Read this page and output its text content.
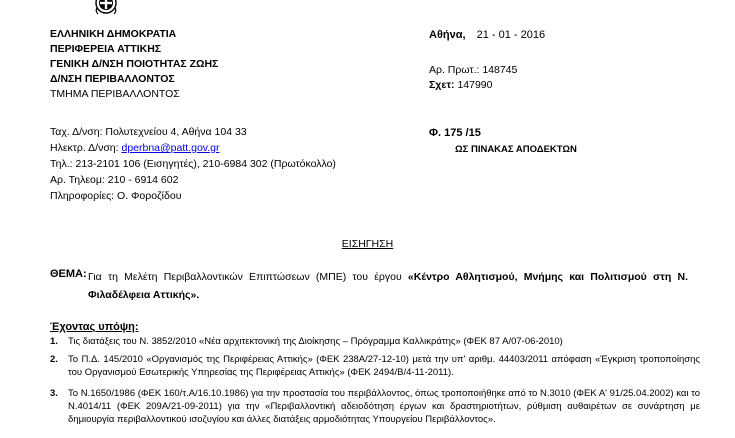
ΕΛΛΗΝΙΚΗ ΔΗΜΟΚΡΑΤΙΑ
ΠΕΡΙΦΕΡΕΙΑ ΑΤΤΙΚΗΣ
ΓΕΝΙΚΗ Δ/ΝΣΗ ΠΟΙΟΤΗΤΑΣ ΖΩΗΣ
Δ/ΝΣΗ ΠΕΡΙΒΑΛΛΟΝΤΟΣ
ΤΜΗΜΑ ΠΕΡΙΒΑΛΛΟΝΤΟΣ
Αθήνα, 21 - 01 - 2016
Αρ. Πρωτ.: 148745
Σχετ: 147990
Ταχ. Δ/νση: Πολυτεχνείου 4, Αθήνα 104 33
Ηλεκτρ. Δ/νση: dperbna@patt.gov.gr
Τηλ.: 213-2101 106 (Εισηγητές), 210-6984 302 (Πρωτόκολλο)
Αρ. Τηλεομ: 210 - 6914 602
Πληροφορίες: Ο. Φοροζίδου
Φ. 175 /15
ΩΣ ΠΙΝΑΚΑΣ ΑΠΟΔΕΚΤΩΝ
ΕΙΣΗΓΗΣΗ
ΘΕΜΑ: Για τη Μελέτη Περιβαλλοντικών Επιπτώσεων (ΜΠΕ) του έργου «Κέντρο Αθλητισμού, Μνήμης και Πολιτισμού στη Ν. Φιλαδέλφεια Αττικής».
Έχοντας υπόψη:
1. Τις διατάξεις του Ν. 3852/2010 «Νέα αρχιτεκτονική της Διοίκησης – Πρόγραμμα Καλλικράτης» (ΦΕΚ 87 Α/07-06-2010)
2. Το Π.Δ. 145/2010 «Οργανισμός της Περιφέρειας Αττικής» (ΦΕΚ 238Α/27-12-10) μετά την υπ' αριθμ. 44403/2011 απόφαση «Έγκριση τροποποίησης του Οργανισμού Εσωτερικής Υπηρεσίας της Περιφέρειας Αττικής» (ΦΕΚ 2494/Β/4-11-2011).
3. Το Ν.1650/1986 (ΦΕΚ 160/τ.Α/16.10.1986) για την προστασία του περιβάλλοντος, όπως τροποποιήθηκε από το Ν.3010 (ΦΕΚ Α' 91/25.04.2002) και το Ν.4014/11 (ΦΕΚ 209Α/21-09-2011) για την «Περιβαλλοντική αδειοδότηση έργων και δραστηριοτήτων, ρύθμιση αυθαιρέτων σε συνάρτηση με δημιουργία περιβαλλοντικού ισοζυγίου και άλλες διατάξεις αρμοδιότητας Υπουργείου Περιβάλλοντος».
